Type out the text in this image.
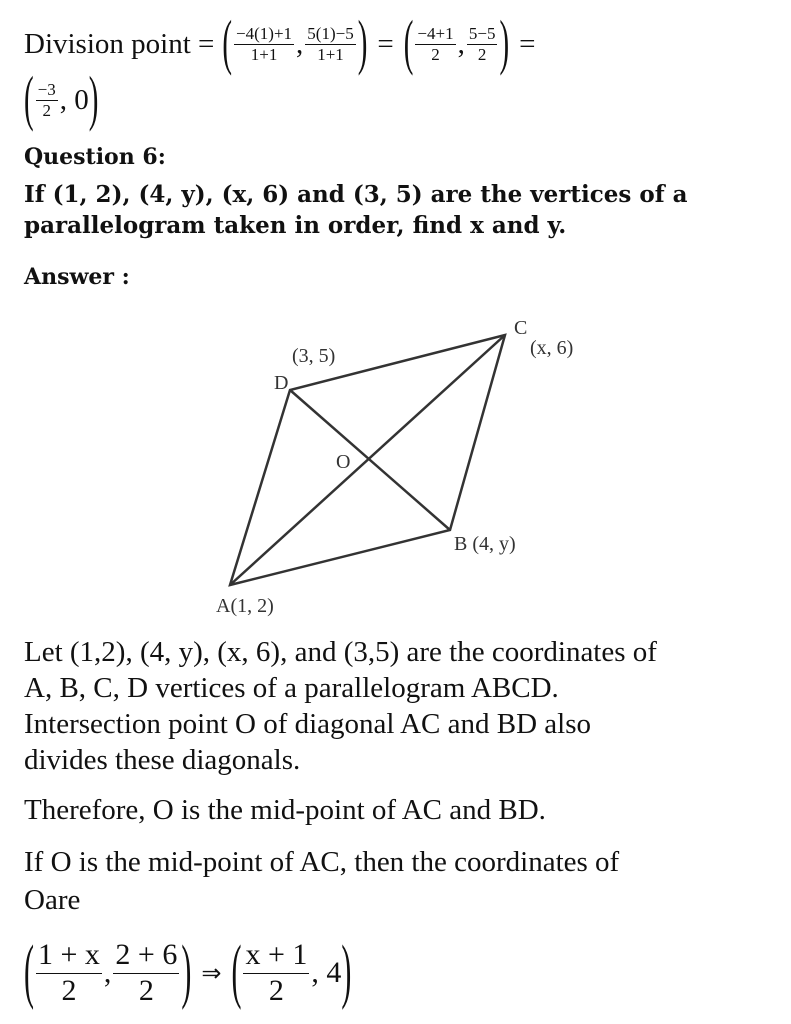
Division point = ( $\frac{-4(1)+1}{1+1}$ , $\frac{5(1)-5}{1+1}$ ) = ( $\frac{-4+1}{2}$ , $\frac{5-5}{2}$ ) =
( $\frac{-3}{2}$ , 0 )
Question 6:
If (1, 2), (4, y), (x, 6) and (3, 5) are the vertices of a
parallelogram taken in order, find x and y.
Answer :
A(1, 2)
B (4, y)
C
(x, 6)
D
(3, 5)
O
Let (1,2), (4, y), (x, 6), and (3,5) are the coordinates of
A, B, C, D vertices of a parallelogram ABCD.
Intersection point O of diagonal AC and BD also
divides these diagonals.
Therefore, O is the mid-point of AC and BD.
If O is the mid-point of AC, then the coordinates of
Oare
( $\frac{1 + x}{2}$ , $\frac{2 + 6}{2}$ ) ⇒ ( $\frac{x + 1}{2}$ , 4 )
